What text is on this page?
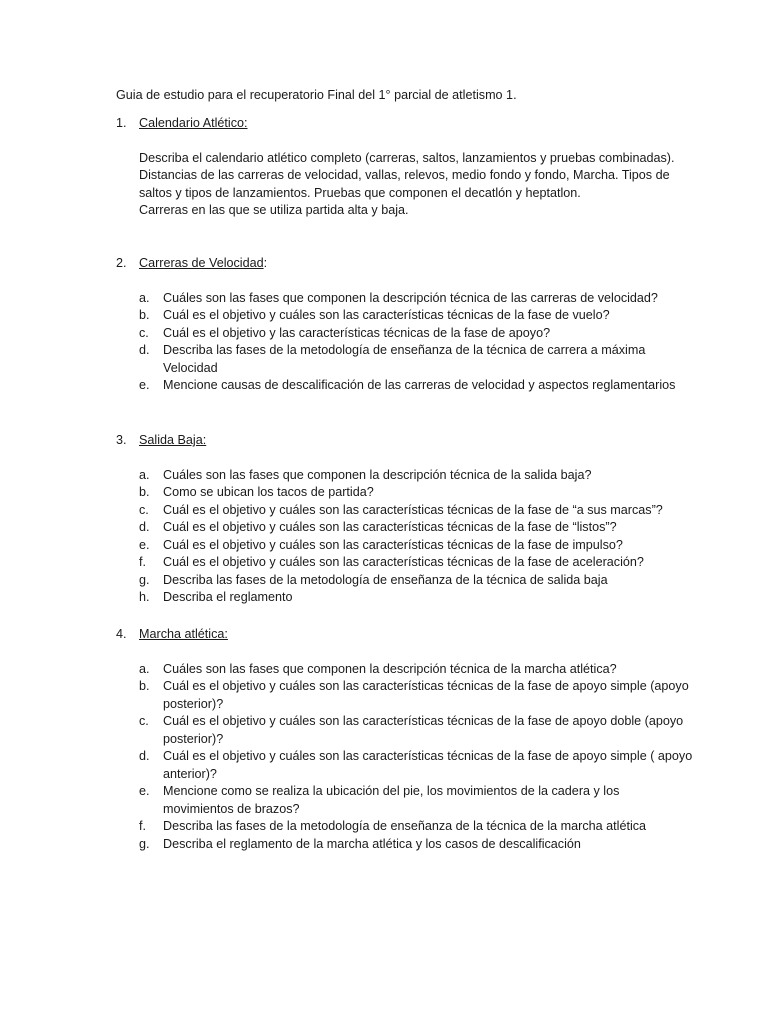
Guia de estudio para el recuperatorio Final del 1° parcial de atletismo 1.
1. Calendario Atlético:

Describa el calendario atlético completo (carreras, saltos, lanzamientos y pruebas combinadas).

Distancias de las carreras de velocidad, vallas, relevos, medio fondo y fondo, Marcha. Tipos de saltos y tipos de lanzamientos. Pruebas que componen el decatlón y heptatlon.

Carreras en las que se utiliza partida alta y baja.

2. Carreras de Velocidad:
a. Cuáles son las fases que componen la descripción técnica de las carreras de velocidad?
b. Cuál es el objetivo y cuáles son las características técnicas de la fase de vuelo?
c. Cuál es el objetivo y las características técnicas de la fase de apoyo?
d. Describa las fases de la metodología de enseñanza de la técnica de carrera a máxima Velocidad
e. Mencione causas de descalificación de las carreras de velocidad y aspectos reglamentarios
3. Salida Baja:
a. Cuáles son las fases que componen la descripción técnica de la salida baja?
b. Como se ubican los tacos de partida?
c. Cuál es el objetivo y cuáles son las características técnicas de la fase de “a sus marcas”?
d. Cuál es el objetivo y cuáles son las características técnicas de la fase de “listos”?
e. Cuál es el objetivo y cuáles son las características técnicas de la fase de impulso?
f. Cuál es el objetivo y cuáles son las características técnicas de la fase de aceleración?
g. Describa las fases de la metodología de enseñanza de la técnica de salida baja
h. Describa el reglamento
4. Marcha atlética:
a. Cuáles son las fases que componen la descripción técnica de la marcha atlética?
b. Cuál es el objetivo y cuáles son las características técnicas de la fase de apoyo simple (apoyo posterior)?
c. Cuál es el objetivo y cuáles son las características técnicas de la fase de apoyo doble (apoyo posterior)?
d. Cuál es el objetivo y cuáles son las características técnicas de la fase de apoyo simple ( apoyo anterior)?
e. Mencione como se realiza la ubicación del pie, los movimientos de la cadera y los movimientos de brazos?
f. Describa las fases de la metodología de enseñanza de la técnica de la marcha atlética
g. Describa el reglamento de la marcha atlética y los casos de descalificación
